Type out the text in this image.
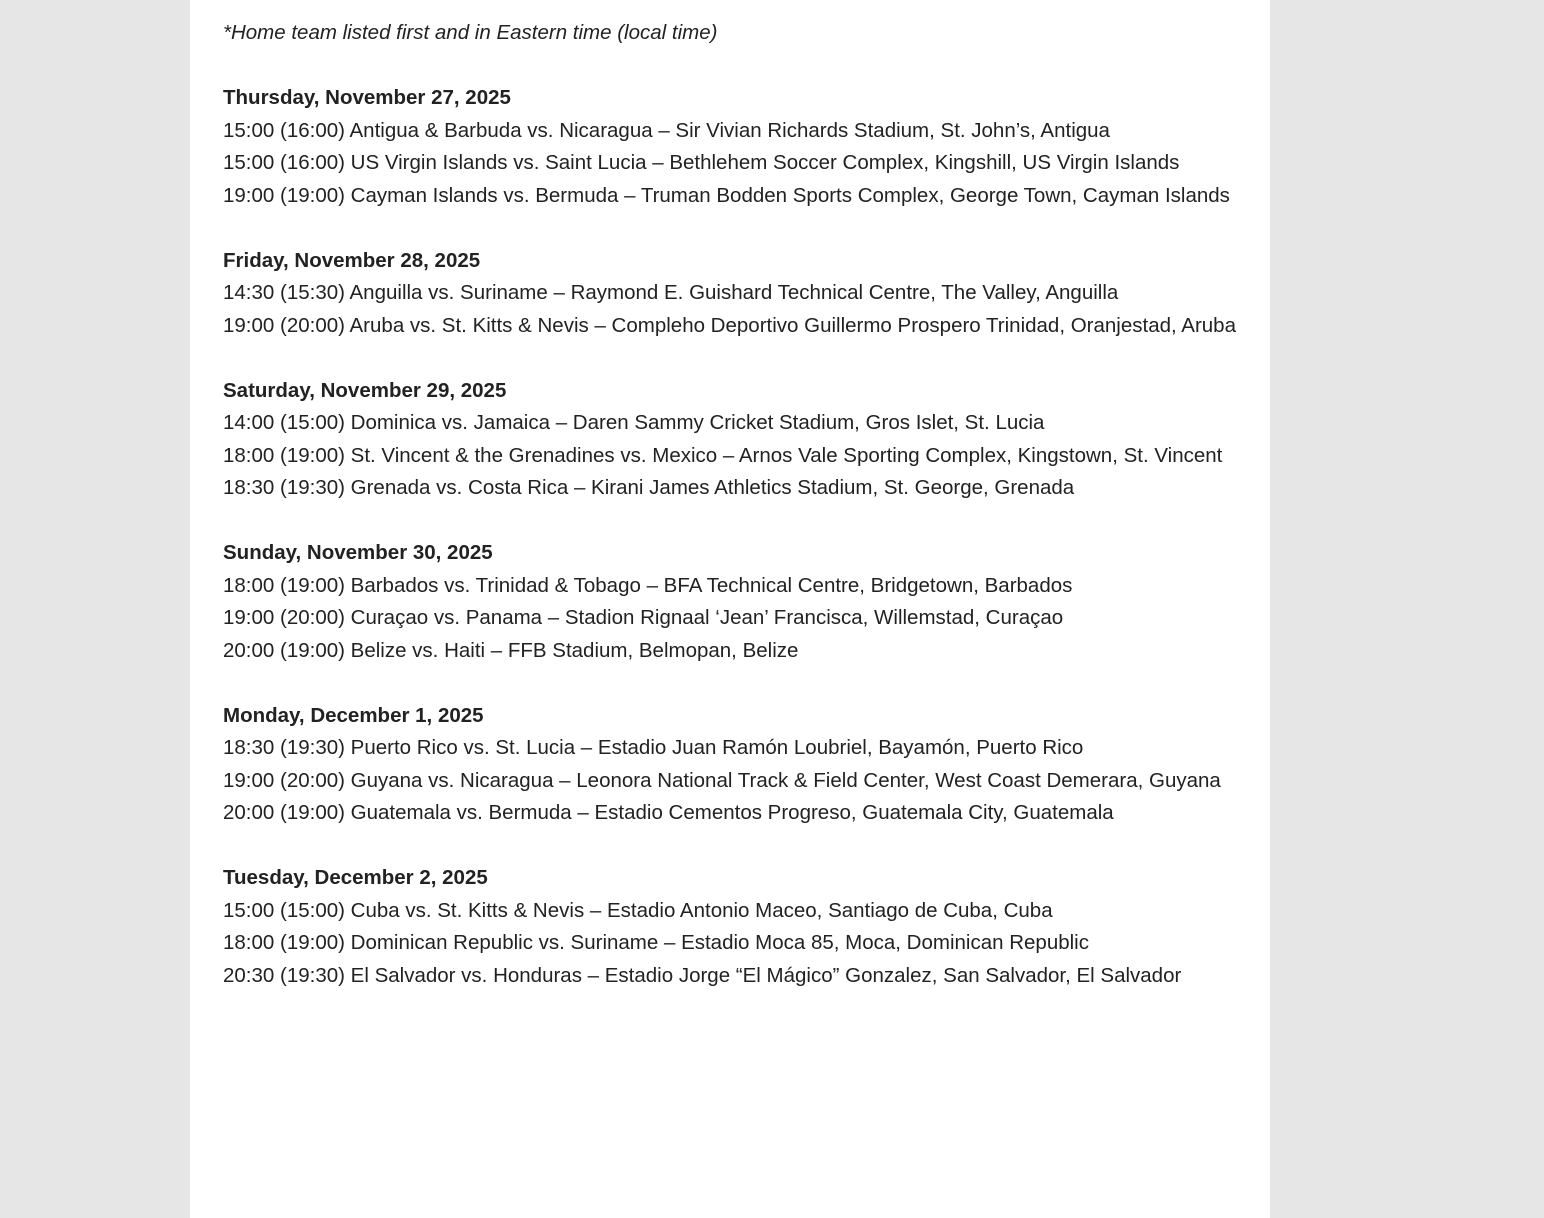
*Home team listed first and in Eastern time (local time)

Thursday, November 27, 2025

15:00 (16:00) Antigua & Barbuda vs. Nicaragua – Sir Vivian Richards Stadium, St. John’s, Antigua

15:00 (16:00) US Virgin Islands vs. Saint Lucia – Bethlehem Soccer Complex, Kingshill, US Virgin Islands

19:00 (19:00) Cayman Islands vs. Bermuda – Truman Bodden Sports Complex, George Town, Cayman Islands

Friday, November 28, 2025

14:30 (15:30) Anguilla vs. Suriname – Raymond E. Guishard Technical Centre, The Valley, Anguilla

19:00 (20:00) Aruba vs. St. Kitts & Nevis – Compleho Deportivo Guillermo Prospero Trinidad, Oranjestad, Aruba

Saturday, November 29, 2025

14:00 (15:00) Dominica vs. Jamaica – Daren Sammy Cricket Stadium, Gros Islet, St. Lucia

18:00 (19:00) St. Vincent & the Grenadines vs. Mexico – Arnos Vale Sporting Complex, Kingstown, St. Vincent

18:30 (19:30) Grenada vs. Costa Rica – Kirani James Athletics Stadium, St. George, Grenada

Sunday, November 30, 2025

18:00 (19:00) Barbados vs. Trinidad & Tobago – BFA Technical Centre, Bridgetown, Barbados

19:00 (20:00) Curaçao vs. Panama – Stadion Rignaal ‘Jean’ Francisca, Willemstad, Curaçao

20:00 (19:00) Belize vs. Haiti – FFB Stadium, Belmopan, Belize

Monday, December 1, 2025

18:30 (19:30) Puerto Rico vs. St. Lucia – Estadio Juan Ramón Loubriel, Bayamón, Puerto Rico

19:00 (20:00) Guyana vs. Nicaragua – Leonora National Track & Field Center, West Coast Demerara, Guyana

20:00 (19:00) Guatemala vs. Bermuda – Estadio Cementos Progreso, Guatemala City, Guatemala

Tuesday, December 2, 2025

15:00 (15:00) Cuba vs. St. Kitts & Nevis – Estadio Antonio Maceo, Santiago de Cuba, Cuba

18:00 (19:00) Dominican Republic vs. Suriname – Estadio Moca 85, Moca, Dominican Republic

20:30 (19:30) El Salvador vs. Honduras – Estadio Jorge “El Mágico” Gonzalez, San Salvador, El Salvador
